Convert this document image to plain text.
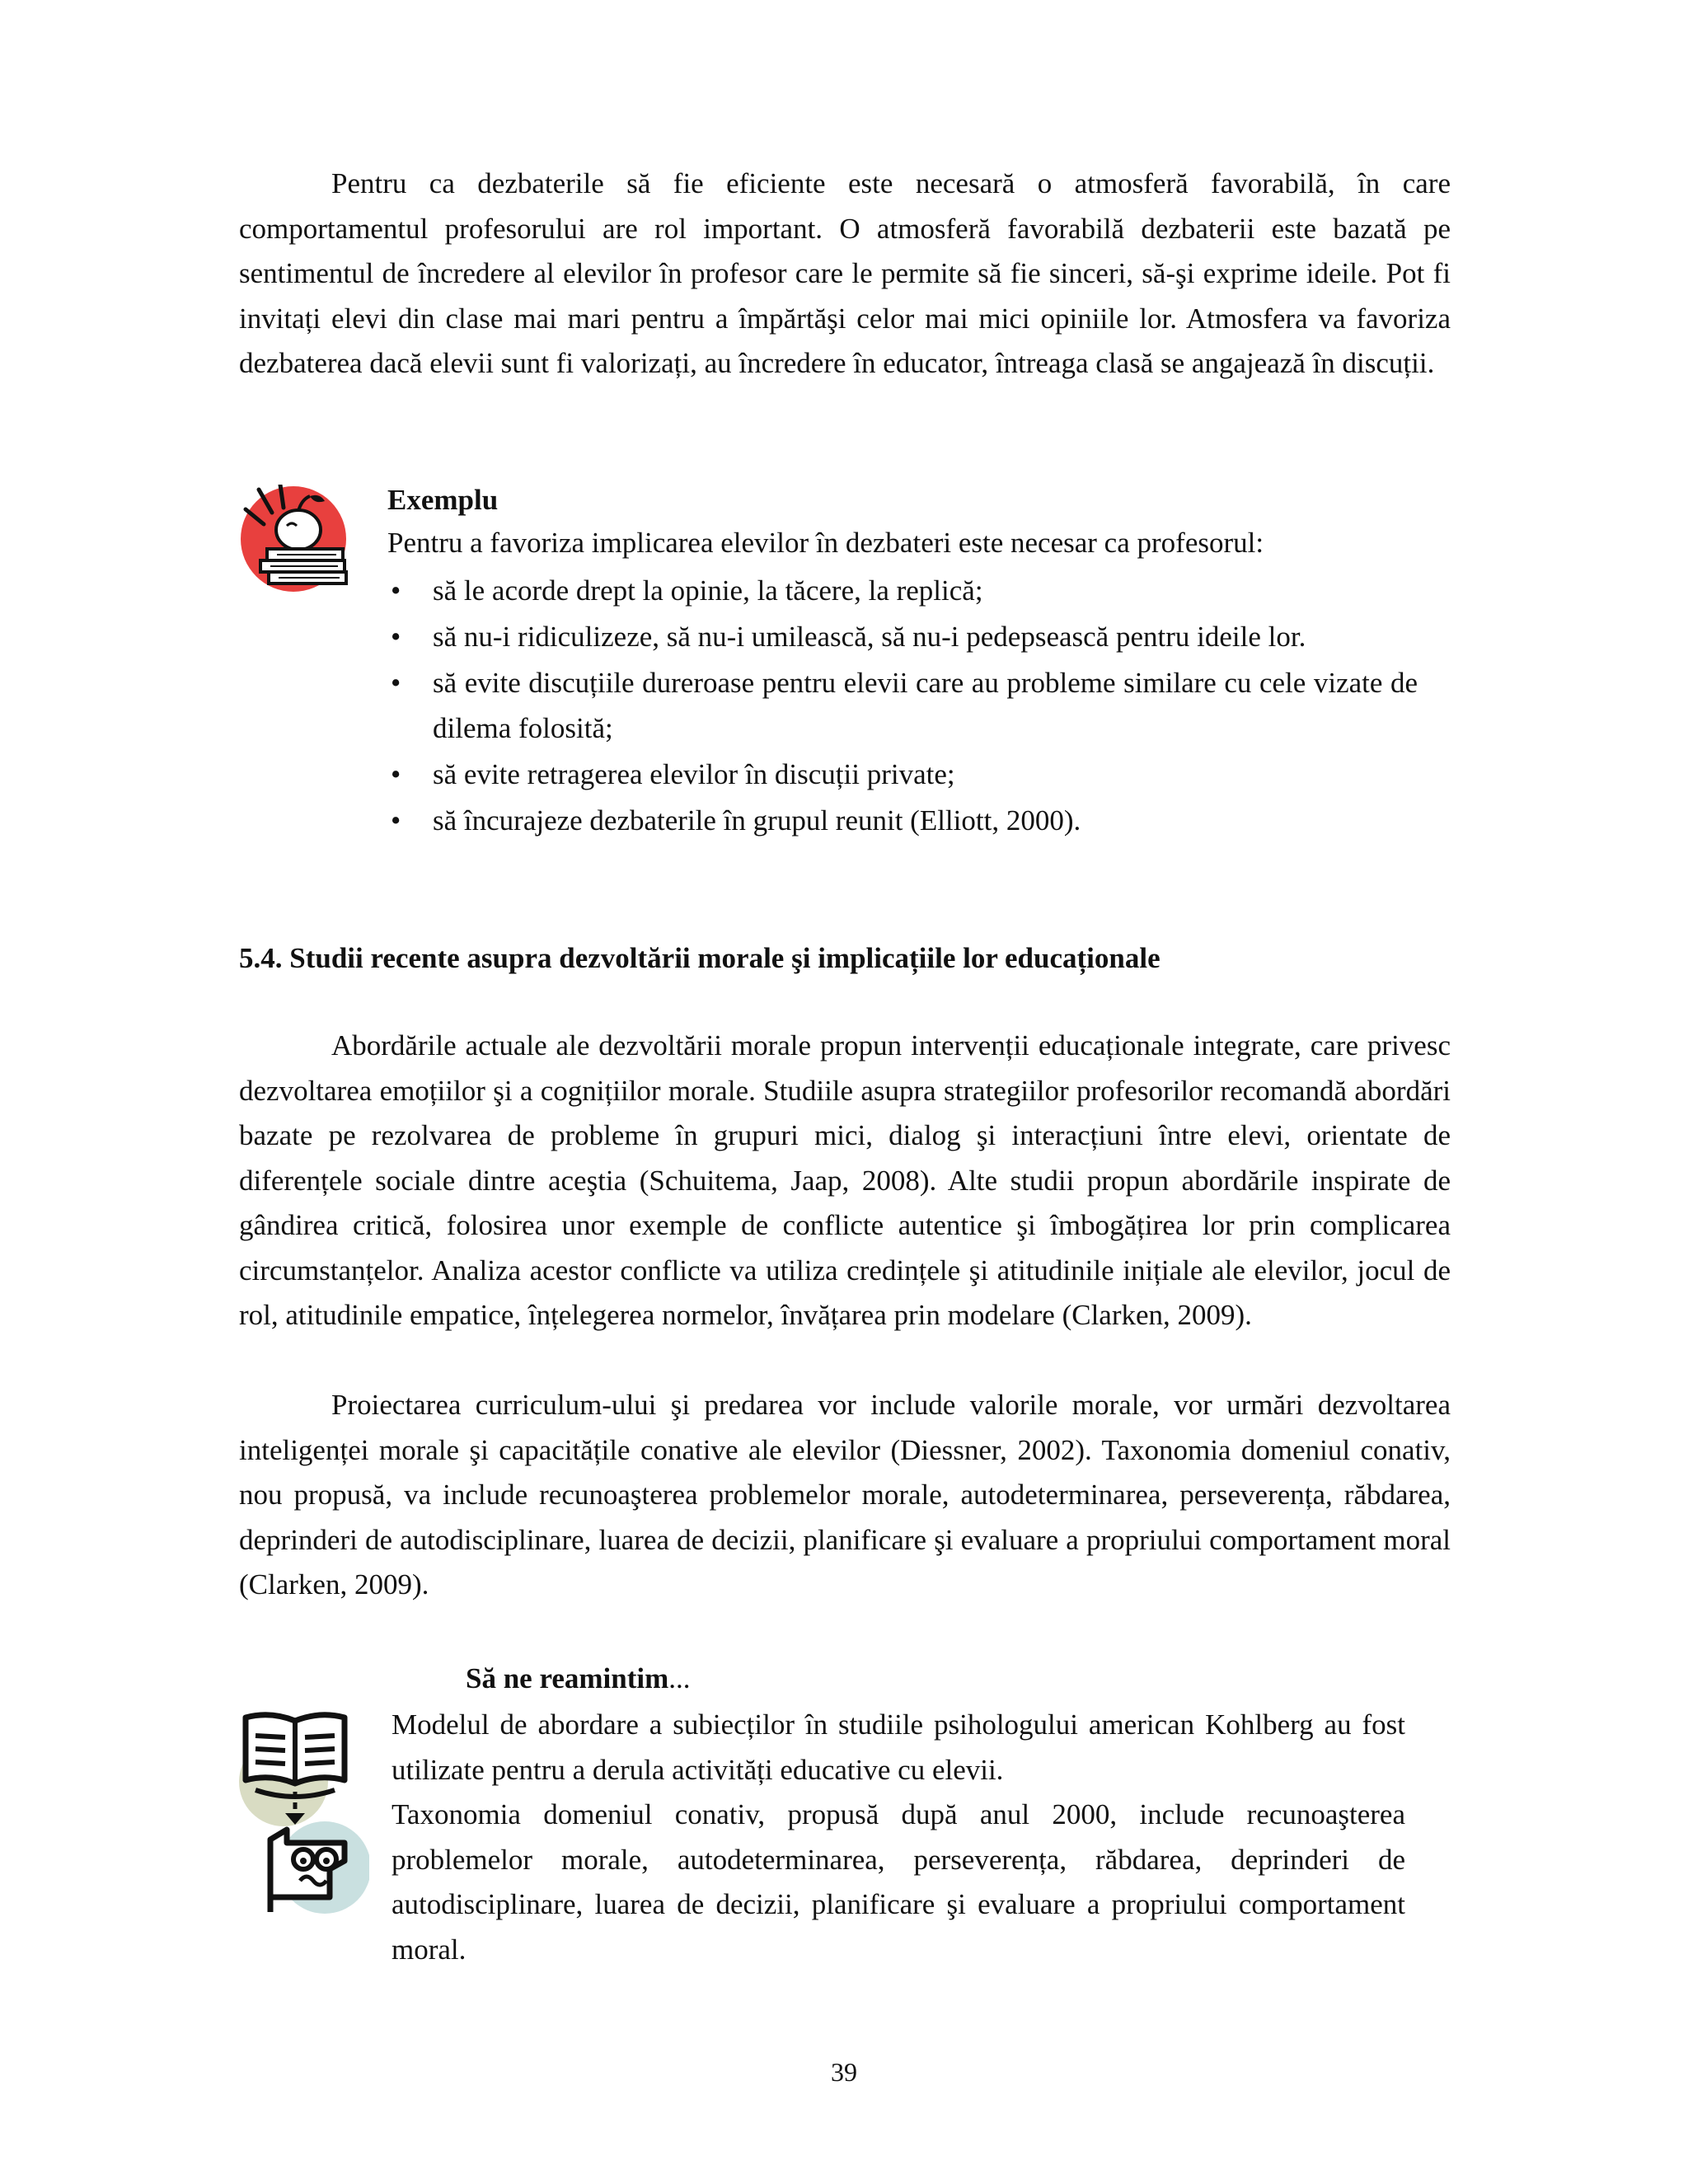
Pentru ca dezbaterile să fie eficiente este necesară o atmosferă favorabilă, în care comportamentul profesorului are rol important. O atmosferă favorabilă dezbaterii este bazată pe sentimentul de încredere al elevilor în profesor care le permite să fie sinceri, să-şi exprime ideile. Pot fi invitați elevi din clase mai mari pentru a împărtăşi celor mai mici opiniile lor. Atmosfera va favoriza dezbaterea dacă elevii sunt fi valorizați, au încredere în educator, întreaga clasă se angajează în discuții.

Exemplu
Pentru a favoriza implicarea elevilor în dezbateri este necesar ca profesorul:
•	să le acorde drept la opinie, la tăcere, la replică;
•	să nu-i ridiculizeze, să nu-i umilească, să nu-i pedepsească pentru ideile lor.
•	să evite discuțiile dureroase pentru elevii care au probleme similare cu cele vizate de dilema folosită;
•	să evite retragerea elevilor în discuții private;
•	să încurajeze dezbaterile în grupul reunit (Elliott, 2000).
5.4. Studii recente asupra dezvoltării morale şi implicațiile lor educaționale

Abordările actuale ale dezvoltării morale propun intervenții educaționale integrate, care privesc dezvoltarea emoțiilor şi a cognițiilor morale. Studiile asupra strategiilor profesorilor recomandă abordări bazate pe rezolvarea de probleme în grupuri mici, dialog şi interacțiuni între elevi, orientate de diferențele sociale dintre aceştia (Schuitema, Jaap, 2008). Alte studii propun abordările inspirate de gândirea critică, folosirea unor exemple de conflicte autentice şi îmbogățirea lor prin complicarea circumstanțelor. Analiza acestor conflicte va utiliza credințele şi atitudinile inițiale ale elevilor, jocul de rol, atitudinile empatice, înțelegerea normelor, învățarea prin modelare (Clarken, 2009).

Proiectarea curriculum-ului şi predarea vor include valorile morale, vor urmări dezvoltarea inteligenței morale şi capacitățile conative ale elevilor (Diessner, 2002). Taxonomia domeniul conativ, nou propusă, va include recunoaşterea problemelor morale, autodeterminarea, perseverența, răbdarea, deprinderi de autodisciplinare, luarea de decizii, planificare şi evaluare a propriului comportament moral (Clarken, 2009).

Să ne reamintim...

Modelul de abordare a subiecților în studiile psihologului american Kohlberg au fost utilizate pentru a derula activități educative cu elevii.

Taxonomia domeniul conativ, propusă după anul 2000, include recunoaşterea problemelor morale, autodeterminarea, perseverența, răbdarea, deprinderi de autodisciplinare, luarea de decizii, planificare şi evaluare a propriului comportament moral.

39
